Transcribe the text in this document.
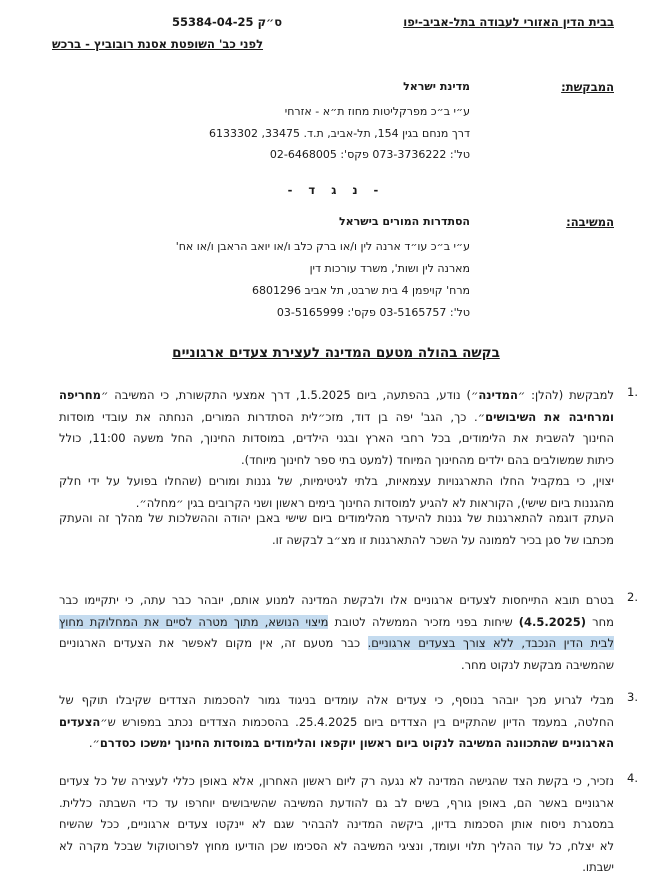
ס״ק 55384-04-25	בבית הדין האזורי לעבודה בתל-אביב-יפו
לפני כב' השופטת אסנת רובוביץ - ברכש
המבקשת:
מדינת ישראל
ע״י ב״כ מפרקליטות מחוז ת״א - אזרחי
דרך מנחם בגין 154, תל-אביב, ת.ד. 33475, 6133302
טל': 073-3736222 פקס': 02-6468005
- נ ג ד -
המשיבה:
הסתדרות המורים בישראל
ע״י ב״כ עו״ד ארנה לין ו/או ברק כלב ו/או יואב הראבן ו/או אח'
מארנה לין ושות', משרד עורכות דין
מרח' קויפמן 4 בית שרבט, תל אביב 6801296
טל': 03-5165757 פקס': 03-5165999
בקשה בהולה מטעם המדינה לעצירת צעדים ארגוניים
.1
למבקשת (להלן: ״המדינה״) נודע, בהפתעה, ביום 1.5.2025, דרך אמצעי התקשורת, כי המשיבה ״מחריפה
ומרחיבה את השיבושים״. כך, הגב' יפה בן דוד, מזכ״לית הסתדרות המורים, הנחתה את עובדי מוסדות
החינוך להשבית את הלימודים, בכל רחבי הארץ ובגני הילדים, במוסדות החינוך, החל משעה 11:00, כולל
כיתות שמשולבים בהם ילדים מהחינוך המיוחד (למעט בתי ספר לחינוך מיוחד).
יצוין, כי במקביל החלו התארגנויות עצמאיות, בלתי לגיטימיות, של גננות ומורים (שהחלו בפועל על ידי חלק
מהגננות ביום שישי), הקוראות לא להגיע למוסדות החינוך בימים ראשון ושני הקרובים בגין ״מחלה״.
העתק דוגמה להתארגנות של גננות להיעדר מהלימודים ביום שישי באבן יהודה וההשלכות של מהלך זה והעתק
מכתבו של סגן בכיר לממונה על השכר להתארגנות זו מצ״ב לבקשה זו.
.2
בטרם תובא התייחסות לצעדים ארגוניים אלו ולבקשת המדינה למנוע אותם, יובהר כבר עתה, כי יתקיימו כבר
מחר (4.5.2025) שיחות בפני מזכיר הממשלה לטובת מיצוי הנושא, מתוך מטרה לסיים את המחלוקת מחוץ
לבית הדין הנכבד, ללא צורך בצעדים ארגוניים. כבר מטעם זה, אין מקום לאפשר את הצעדים הארגוניים
שהמשיבה מבקשת לנקוט מחר.
.3
מבלי לגרוע מכך יובהר בנוסף, כי צעדים אלה עומדים בניגוד גמור להסכמות הצדדים שקיבלו תוקף של
החלטה, במעמד הדיון שהתקיים בין הצדדים ביום 25.4.2025. בהסכמות הצדדים נכתב במפורש ש״הצעדים
הארגוניים שהתכוונה המשיבה לנקוט ביום ראשון יוקפאו והלימודים במוסדות החינוך ימשכו כסדרם״.
.4
נזכיר, כי בקשת הצד שהגישה המדינה לא נגעה רק ליום ראשון האחרון, אלא באופן כללי לעצירה של כל צעדים
ארגוניים באשר הם, באופן גורף, בשים לב גם להודעת המשיבה שהשיבושים יוחרפו עד כדי השבתה כללית.
במסגרת ניסוח אותן הסכמות בדיון, ביקשה המדינה להבהיר שגם לא יינקטו צעדים ארגוניים, ככל שהשיח
לא יצלח, כל עוד ההליך תלוי ועומד, ונציגי המשיבה לא הסכימו שכן הודיעו מחוץ לפרוטוקול שבכל מקרה לא
ישבתו.
